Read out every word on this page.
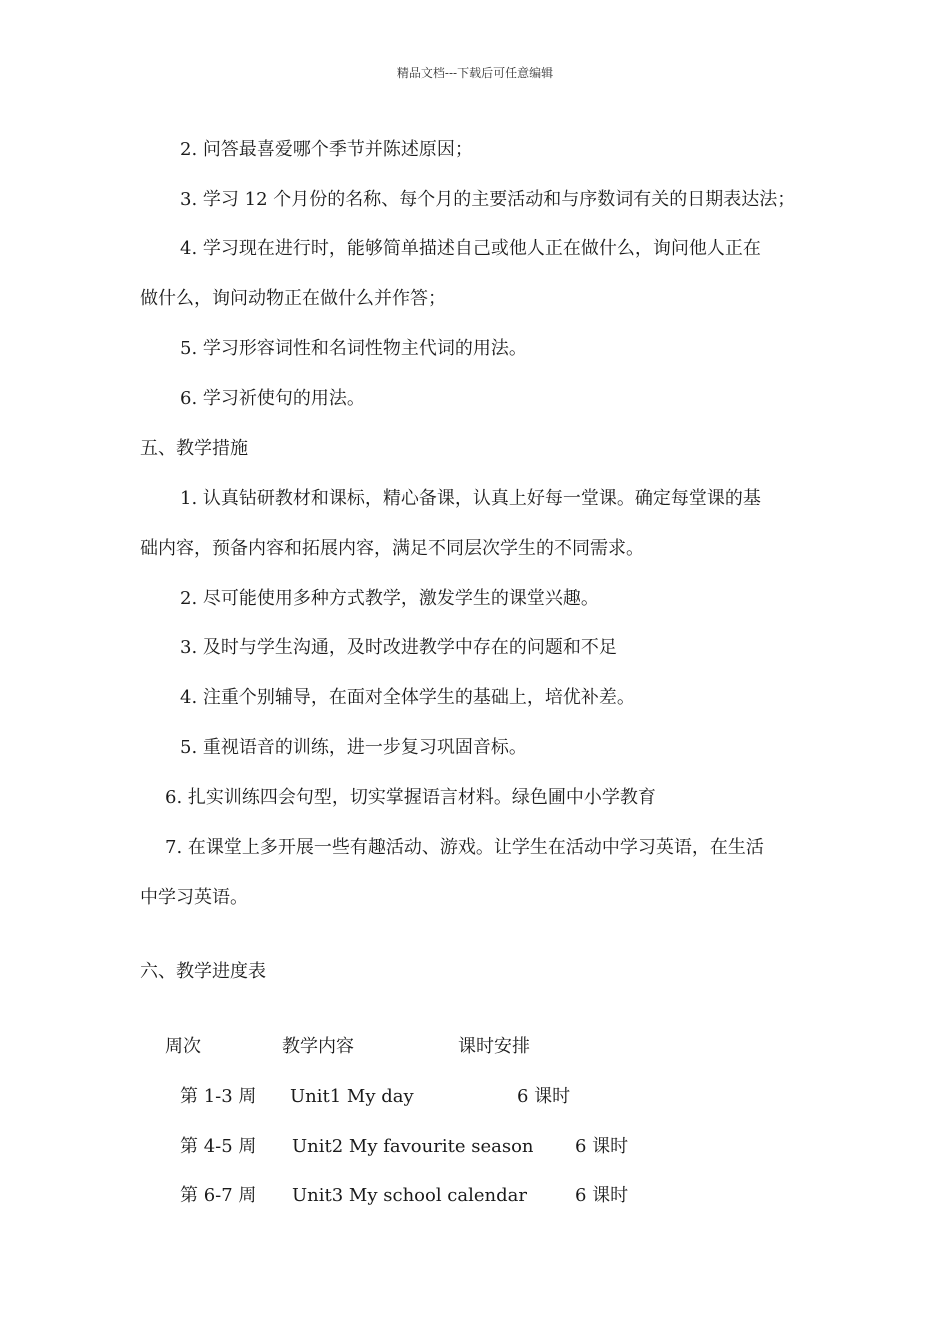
精品文档---下载后可任意编辑
2. 问答最喜爱哪个季节并陈述原因；
3. 学习 12 个月份的名称、每个月的主要活动和与序数词有关的日期表达法；
4. 学习现在进行时，能够简单描述自己或他人正在做什么，询问他人正在
做什么，询问动物正在做什么并作答；
5. 学习形容词性和名词性物主代词的用法。
6. 学习祈使句的用法。
五、教学措施
1. 认真钻研教材和课标，精心备课，认真上好每一堂课。确定每堂课的基
础内容，预备内容和拓展内容，满足不同层次学生的不同需求。
2. 尽可能使用多种方式教学，激发学生的课堂兴趣。
3. 及时与学生沟通，及时改进教学中存在的问题和不足
4. 注重个别辅导，在面对全体学生的基础上，培优补差。
5. 重视语音的训练，进一步复习巩固音标。
6. 扎实训练四会句型，切实掌握语言材料。绿色圃中小学教育
7. 在课堂上多开展一些有趣活动、游戏。让学生在活动中学习英语，在生活
中学习英语。
六、教学进度表
周次	教学内容	课时安排
第 1-3 周 Unit1 My day	6 课时
第 4-5 周 Unit2 My favourite season 6 课时
第 6-7 周 Unit3 My school calendar	6 课时
